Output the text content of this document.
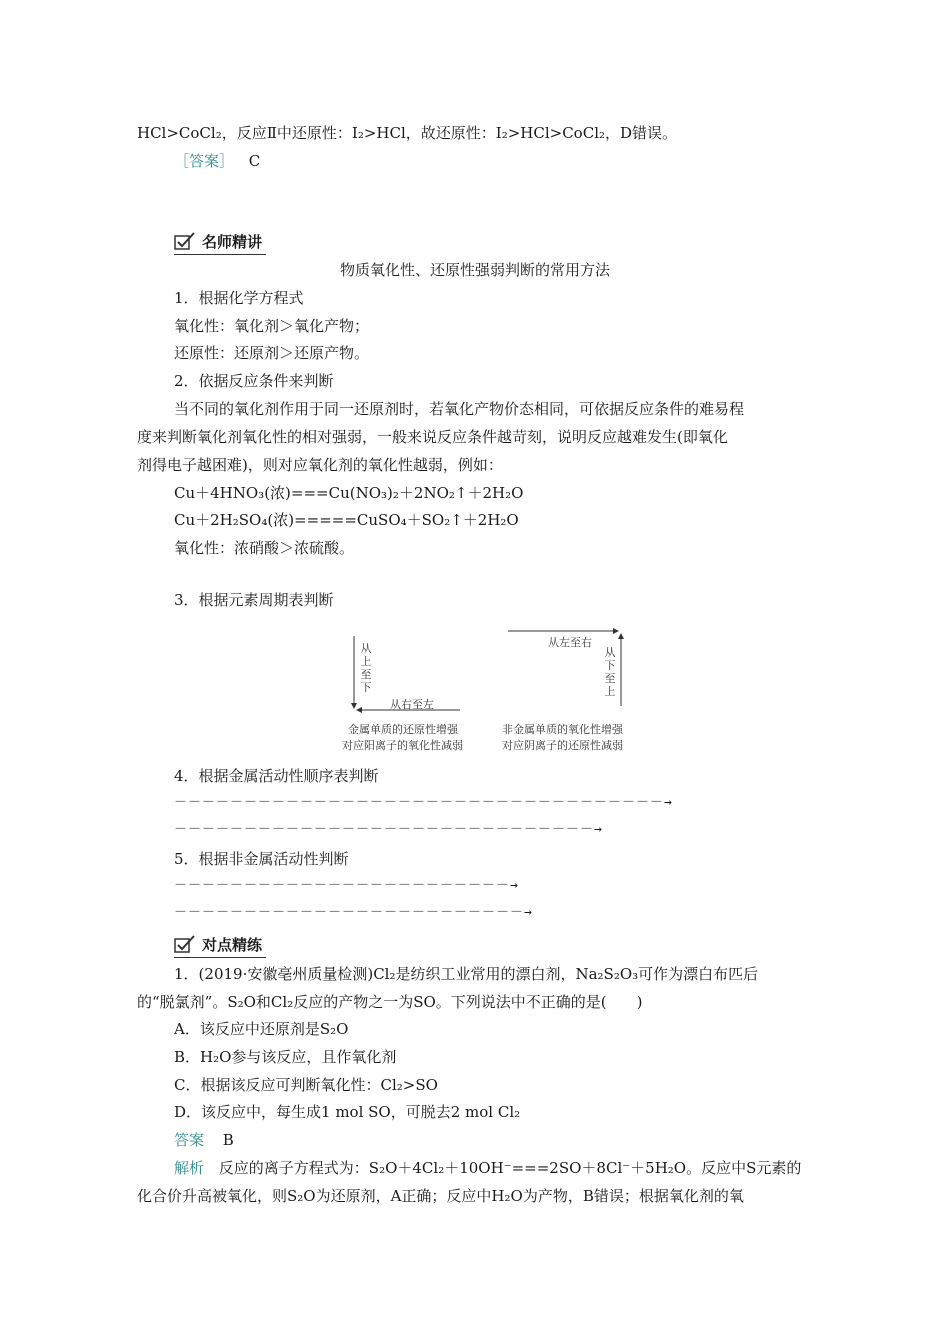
HCl>CoCl₂，反应Ⅱ中还原性：I₂>HCl，故还原性：I₂>HCl>CoCl₂，D错误。
［答案］ C
名师精讲
物质氧化性、还原性强弱判断的常用方法
1．根据化学方程式
氧化性：氧化剂＞氧化产物；
还原性：还原剂＞还原产物。
2．依据反应条件来判断
当不同的氧化剂作用于同一还原剂时，若氧化产物价态相同，可依据反应条件的难易程
度来判断氧化剂氧化性的相对强弱，一般来说反应条件越苛刻，说明反应越难发生(即氧化
剂得电子越困难)，则对应氧化剂的氧化性越弱，例如：
Cu＋4HNO₃(浓)===Cu(NO₃)₂＋2NO₂↑＋2H₂O
Cu＋2H₂SO₄(浓)=====CuSO₄＋SO₂↑＋2H₂O
氧化性：浓硝酸＞浓硫酸。
3．根据元素周期表判断
从上至下
从右至左
金属单质的还原性增强
对应阳离子的氧化性减弱
从左至右
从下至上
非金属单质的氧化性增强
对应阴离子的还原性减弱
4．根据金属活动性顺序表判断
－－－－－－－－－－－－－－－－－－－－－－－－－－－－－－－－－－－→
－－－－－－－－－－－－－－－－－－－－－－－－－－－－－－→
5．根据非金属活动性判断
－－－－－－－－－－－－－－－－－－－－－－－－→
－－－－－－－－－－－－－－－－－－－－－－－－－→
对点精练
1．(2019·安徽亳州质量检测)Cl₂是纺织工业常用的漂白剂，Na₂S₂O₃可作为漂白布匹后
的“脱氯剂”。S₂O和Cl₂反应的产物之一为SO。下列说法中不正确的是(　　)
A．该反应中还原剂是S₂O
B．H₂O参与该反应，且作氧化剂
C．根据该反应可判断氧化性：Cl₂>SO
D．该反应中，每生成1 mol SO，可脱去2 mol Cl₂
答案 B
解析 反应的离子方程式为：S₂O＋4Cl₂＋10OH⁻===2SO＋8Cl⁻＋5H₂O。反应中S元素的
化合价升高被氧化，则S₂O为还原剂，A正确；反应中H₂O为产物，B错误；根据氧化剂的氧
